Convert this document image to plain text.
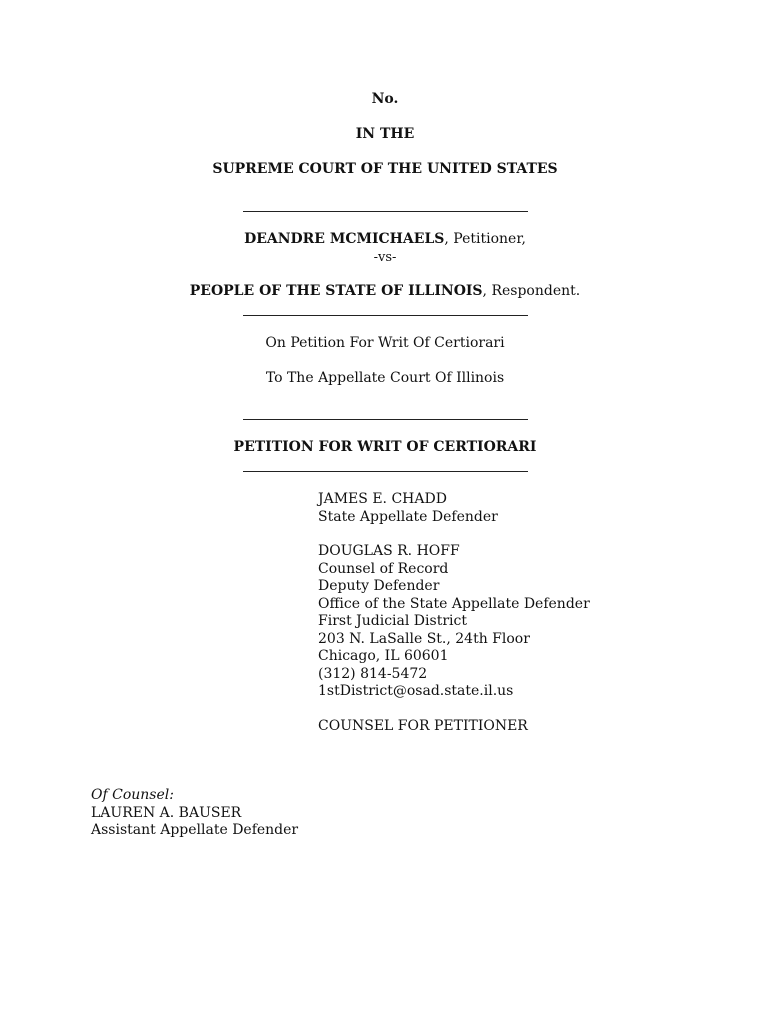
No.
IN THE
SUPREME COURT OF THE UNITED STATES
DEANDRE MCMICHAELS, Petitioner,
-vs-
PEOPLE OF THE STATE OF ILLINOIS, Respondent.
On Petition For Writ Of Certiorari
To The Appellate Court Of Illinois
PETITION FOR WRIT OF CERTIORARI
JAMES E. CHADD
State Appellate Defender
DOUGLAS R. HOFF
Counsel of Record
Deputy Defender
Office of the State Appellate Defender
First Judicial District
203 N. LaSalle St., 24th Floor
Chicago, IL 60601
(312) 814-5472
1stDistrict@osad.state.il.us
COUNSEL FOR PETITIONER
Of Counsel:
LAUREN A. BAUSER
Assistant Appellate Defender
